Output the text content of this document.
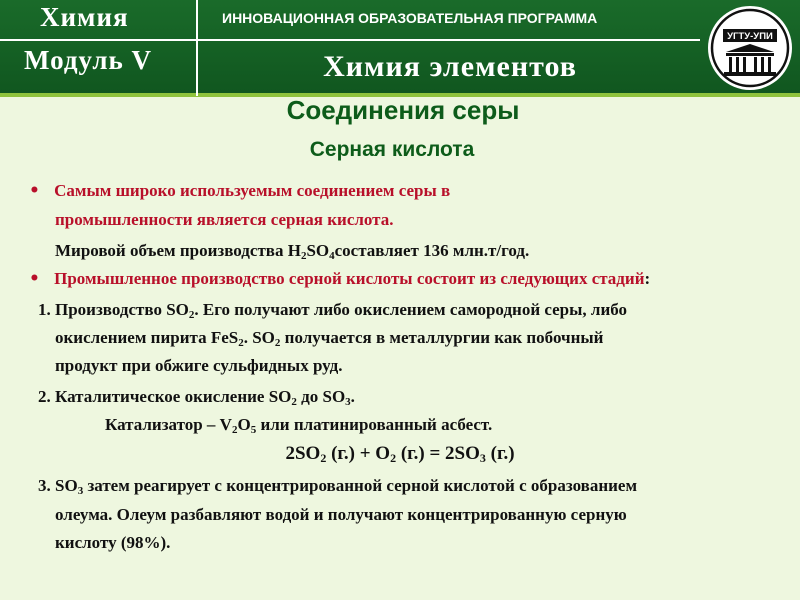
Химия
Модуль V
ИННОВАЦИОННАЯ ОБРАЗОВАТЕЛЬНАЯ ПРОГРАММА
Химия элементов
УГТУ-УПИ
Соединения серы
Серная кислота
• Самым широко используемым соединением серы в
промышленности является серная кислота.
Мировой объем производства $H_2SO_4составляет$ 136 млн.т/год.
• Промышленное производство серной кислоты состоит из следующих стадий:
1. Производство $SO_2$. Его получают либо окислением самородной серы, либо
окислением пирита FeS$_2$. $SO_2$ получается в металлургии как побочный
продукт при обжиге сульфидных руд.
2. Каталитическое окисление $SO_2$ до $SO_3$.
Катализатор – $V_2O_5$ или платинированный асбест.
$2SO_2$ $(г.) + O_2$ $(г.) = 2SO_3$ (г.)
3. $SO_3$ затем реагирует с концентрированной серной кислотой с образованием
олеума. Олеум разбавляют водой и получают концентрированную серную
кислоту (98%).
